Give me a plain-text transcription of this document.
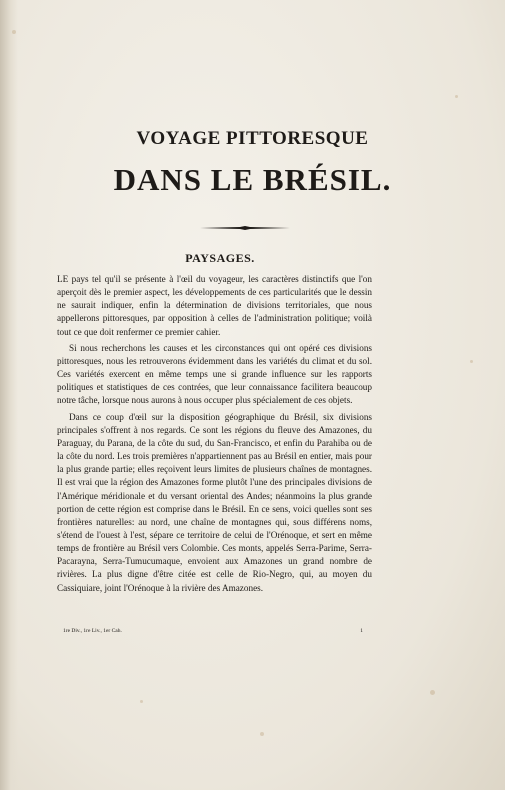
VOYAGE PITTORESQUE
DANS LE BRÉSIL.
PAYSAGES.

LE pays tel qu'il se présente à l'œil du voyageur, les caractères distinctifs que l'on aperçoit dès le premier aspect, les développements de ces particularités que le dessin ne saurait indiquer, enfin la détermination de divisions territoriales, que nous appellerons pittoresques, par opposition à celles de l'administration politique; voilà tout ce que doit renfermer ce premier cahier.

Si nous recherchons les causes et les circonstances qui ont opéré ces divisions pittoresques, nous les retrouverons évidemment dans les variétés du climat et du sol. Ces variétés exercent en même temps une si grande influence sur les rapports politiques et statistiques de ces contrées, que leur connaissance facilitera beaucoup notre tâche, lorsque nous aurons à nous occuper plus spécialement de ces objets.

Dans ce coup d'œil sur la disposition géographique du Brésil, six divisions principales s'offrent à nos regards. Ce sont les régions du fleuve des Amazones, du Paraguay, du Parana, de la côte du sud, du San-Francisco, et enfin du Parahiba ou de la côte du nord. Les trois premières n'appartiennent pas au Brésil en entier, mais pour la plus grande partie; elles reçoivent leurs limites de plusieurs chaînes de montagnes. Il est vrai que la région des Amazones forme plutôt l'une des principales divisions de l'Amérique méridionale et du versant oriental des Andes; néanmoins la plus grande portion de cette région est comprise dans le Brésil. En ce sens, voici quelles sont ses frontières naturelles: au nord, une chaîne de montagnes qui, sous différens noms, s'étend de l'ouest à l'est, sépare ce territoire de celui de l'Orénoque, et sert en même temps de frontière au Brésil vers Colombie. Ces monts, appelés Serra-Parime, Serra-Pacarayna, Serra-Tumucumaque, envoient aux Amazones un grand nombre de rivières. La plus digne d'être citée est celle de Rio-Negro, qui, au moyen du Cassiquiare, joint l'Orénoque à la rivière des Amazones.

1re Div., 1re Liv., 1er Cah.	1
